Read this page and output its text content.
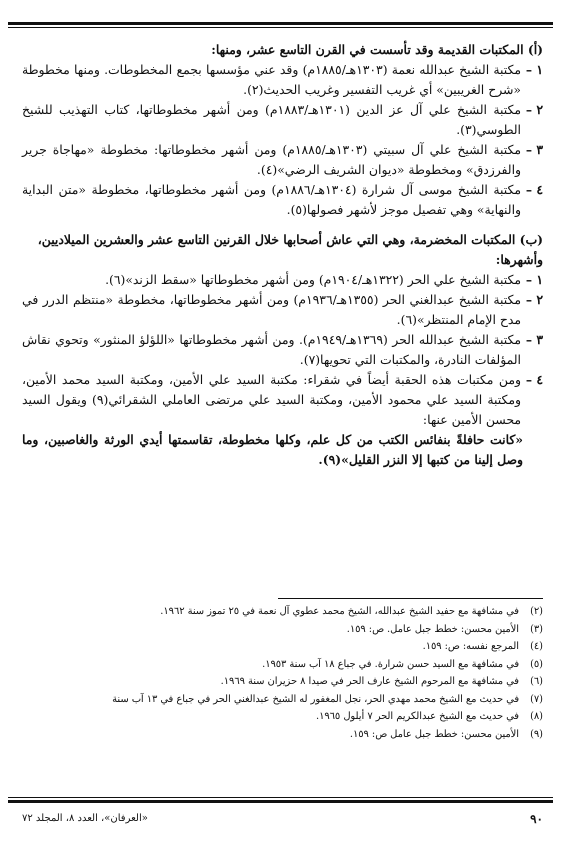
(أ) المكتبات القديمة وقد تأسست في القرن التاسع عشر، ومنها:
١ –
مكتبة الشيخ عبدالله نعمة (١٣٠٣هـ/١٨٨٥م) وقد عني مؤسسها بجمع المخطوطات. ومنها مخطوطة «شرح الغريبين» أي غريب التفسير وغريب الحديث(٢).
٢ –
مكتبة الشيخ علي آل عز الدين (١٣٠١هـ/١٨٨٣م) ومن أشهر مخطوطاتها، كتاب التهذيب للشيخ الطوسي(٣).
٣ –
مكتبة الشيخ علي آل سبيتي (١٣٠٣هـ/١٨٨٥م) ومن أشهر مخطوطاتها: مخطوطة «مهاجاة جرير والفرزدق» ومخطوطة «ديوان الشريف الرضي»(٤).
٤ –
مكتبة الشيخ موسى آل شرارة (١٣٠٤هـ/١٨٨٦م) ومن أشهر مخطوطاتها، مخطوطة «متن البداية والنهاية» وهي تفصيل موجز لأشهر فصولها(٥).
(ب) المكتبات المخضرمة، وهي التي عاش أصحابها خلال القرنين التاسع عشر والعشرين الميلاديين، وأشهرها:
١ –
مكتبة الشيخ علي الحر (١٣٢٢هـ/١٩٠٤م) ومن أشهر مخطوطاتها «سقط الزند»(٦).
٢ –
مكتبة الشيخ عبدالغني الحر (١٣٥٥هـ/١٩٣٦م) ومن أشهر مخطوطاتها، مخطوطة «منتظم الدرر في مدح الإمام المنتظر»(٦).
٣ –
مكتبة الشيخ عبدالله الحر (١٣٦٩هـ/١٩٤٩م). ومن أشهر مخطوطاتها «اللؤلؤ المنثور» وتحوي نقاش المؤلفات النادرة، والمكتبات التي تحويها(٧).
٤ –
ومن مكتبات هذه الحقبة أيضاً في شقراء: مكتبة السيد علي الأمين، ومكتبة السيد محمد الأمين، ومكتبة السيد علي محمود الأمين، ومكتبة السيد علي مرتضى العاملي الشقرائي(٩) ويقول السيد محسن الأمين عنها:
«كانت حافلةً بنفائس الكتب من كل علم، وكلها مخطوطة، تقاسمتها أيدي الورثة والغاصبين، وما وصل إلينا من كتبها إلا النزر القليل»(٩).
(٢)
في مشافهة مع حفيد الشيخ عبدالله، الشيخ محمد عطوي آل نعمة في ٢٥ تموز سنة ١٩٦٢.
(٣)
الأمين محسن: خطط جبل عامل. ص: ١٥٩.
(٤)
المرجع نفسه: ص: ١٥٩.
(٥)
في مشافهة مع السيد حسن شرارة. في جباع ١٨ آب سنة ١٩٥٣.
(٦)
في مشافهة مع المرحوم الشيخ عارف الحر في صيدا ٨ حزيران سنة ١٩٦٩.
(٧)
في حديث مع الشيخ محمد مهدي الحر، نجل المغفور له الشيخ عبدالغني الحر في جباع في ١٣ آب سنة
(٨)
في حديث مع الشيخ عبدالكريم الحر ٧ أيلول ١٩٦٥.
(٩)
الأمين محسن: خطط جبل عامل ص: ١٥٩.
٩٠
«العرفان»، العدد ٨، المجلد ٧٢
